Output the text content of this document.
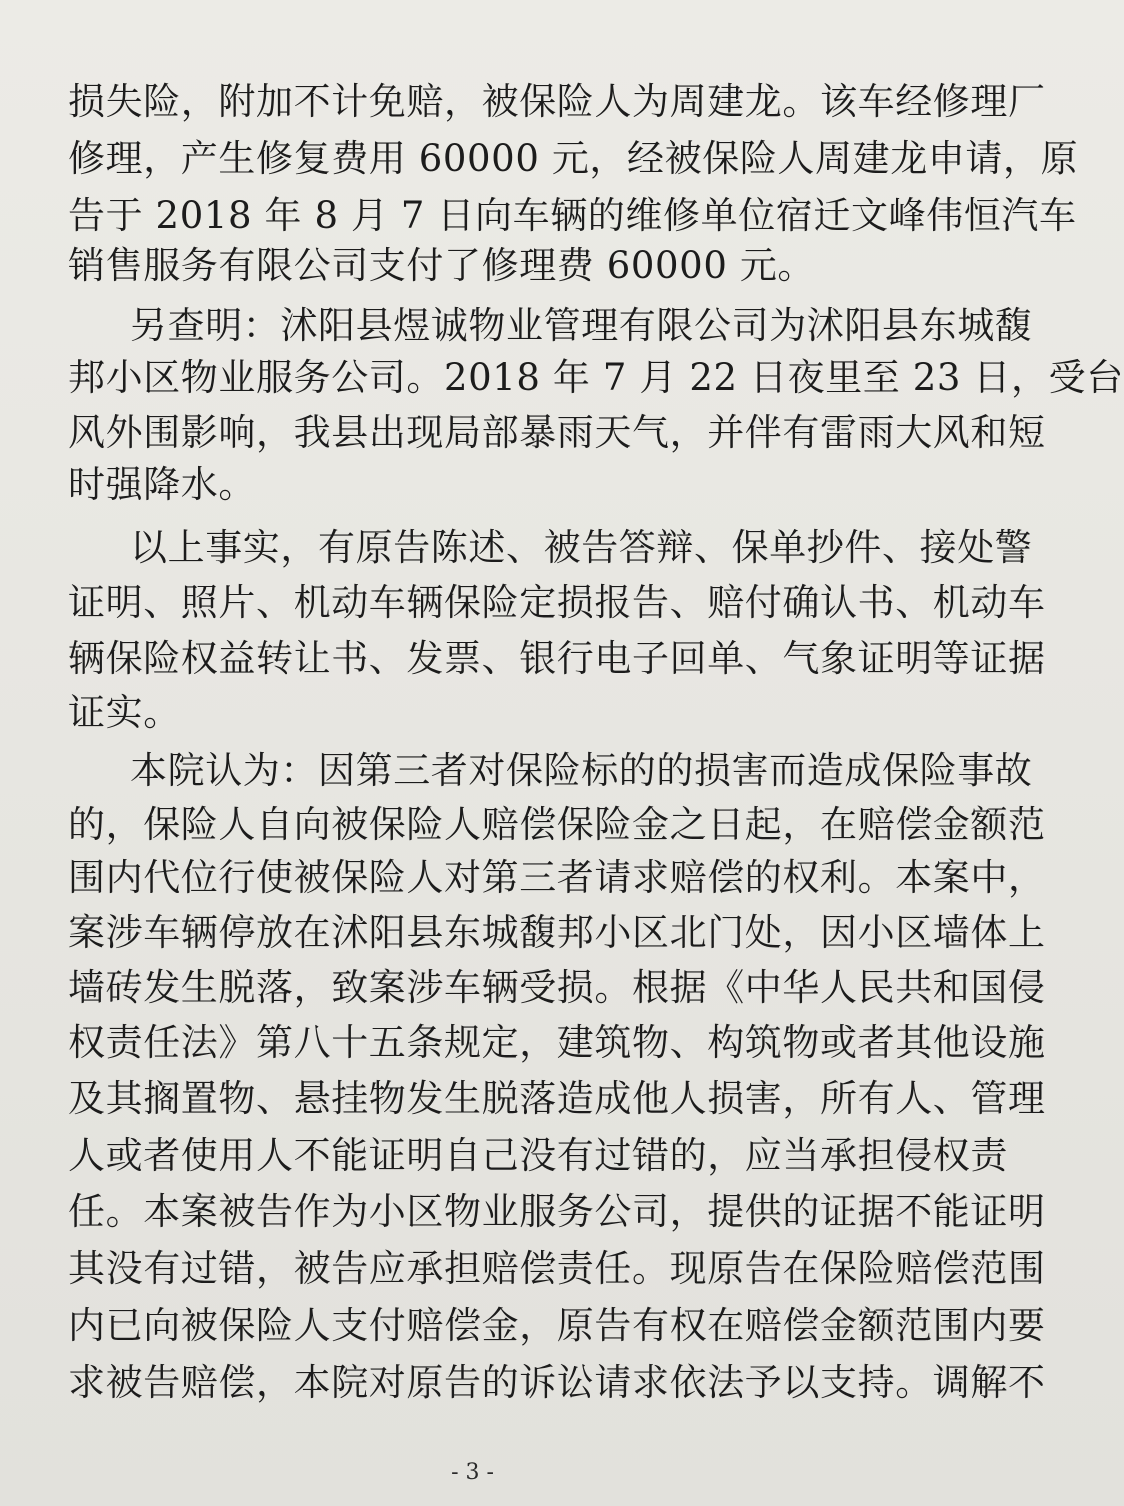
损失险，附加不计免赔，被保险人为周建龙。该车经修理厂
修理，产生修复费用 60000 元，经被保险人周建龙申请，原
告于 2018 年 8 月 7 日向车辆的维修单位宿迁文峰伟恒汽车
销售服务有限公司支付了修理费 60000 元。
另查明：沭阳县煜诚物业管理有限公司为沭阳县东城馥
邦小区物业服务公司。2018 年 7 月 22 日夜里至 23 日，受台
风外围影响，我县出现局部暴雨天气，并伴有雷雨大风和短
时强降水。
以上事实，有原告陈述、被告答辩、保单抄件、接处警
证明、照片、机动车辆保险定损报告、赔付确认书、机动车
辆保险权益转让书、发票、银行电子回单、气象证明等证据
证实。
本院认为：因第三者对保险标的的损害而造成保险事故
的，保险人自向被保险人赔偿保险金之日起，在赔偿金额范
围内代位行使被保险人对第三者请求赔偿的权利。本案中，
案涉车辆停放在沭阳县东城馥邦小区北门处，因小区墙体上
墙砖发生脱落，致案涉车辆受损。根据《中华人民共和国侵
权责任法》第八十五条规定，建筑物、构筑物或者其他设施
及其搁置物、悬挂物发生脱落造成他人损害，所有人、管理
人或者使用人不能证明自己没有过错的，应当承担侵权责
任。本案被告作为小区物业服务公司，提供的证据不能证明
其没有过错，被告应承担赔偿责任。现原告在保险赔偿范围
内已向被保险人支付赔偿金，原告有权在赔偿金额范围内要
求被告赔偿，本院对原告的诉讼请求依法予以支持。调解不
- 3 -
